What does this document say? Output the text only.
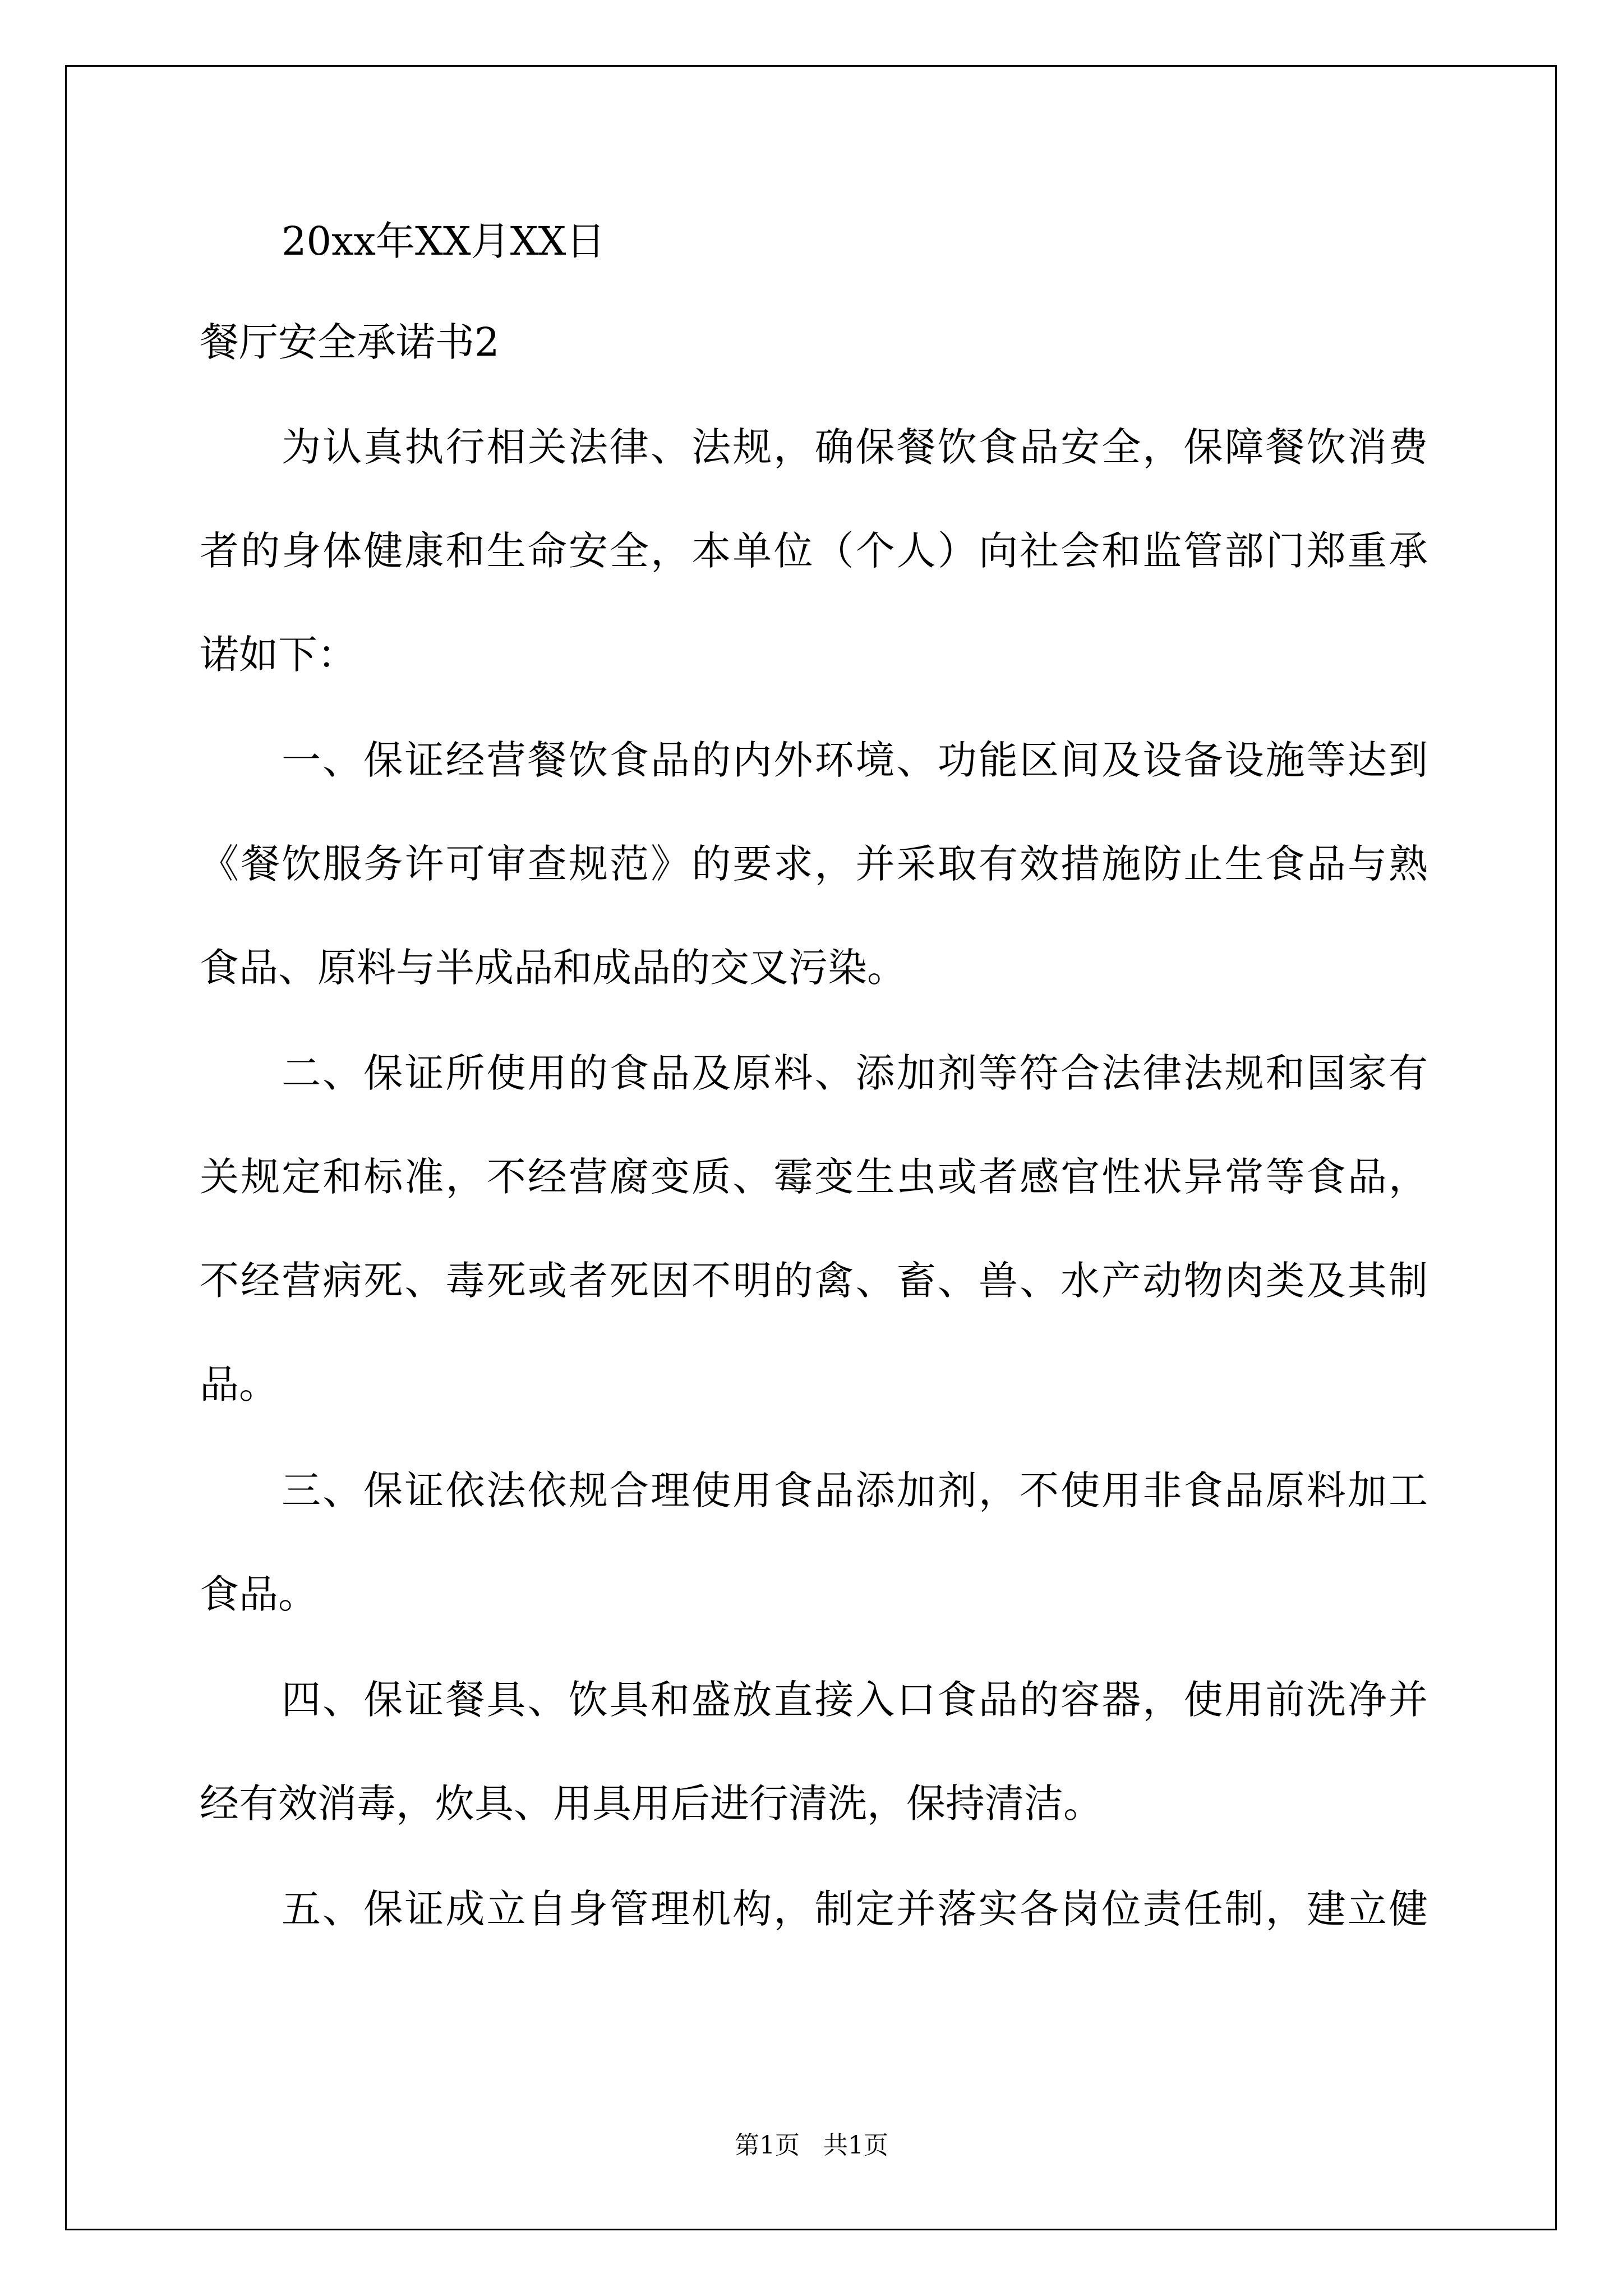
20xx年XX月XX日
餐厅安全承诺书2
为认真执行相关法律、法规，确保餐饮食品安全，保障餐饮消费
者的身体健康和生命安全，本单位（个人）向社会和监管部门郑重承
诺如下：
一、保证经营餐饮食品的内外环境、功能区间及设备设施等达到
《餐饮服务许可审查规范》的要求，并采取有效措施防止生食品与熟
食品、原料与半成品和成品的交叉污染。
二、保证所使用的食品及原料、添加剂等符合法律法规和国家有
关规定和标准，不经营腐变质、霉变生虫或者感官性状异常等食品，
不经营病死、毒死或者死因不明的禽、畜、兽、水产动物肉类及其制
品。
三、保证依法依规合理使用食品添加剂，不使用非食品原料加工
食品。
四、保证餐具、饮具和盛放直接入口食品的容器，使用前洗净并
经有效消毒，炊具、用具用后进行清洗，保持清洁。
五、保证成立自身管理机构，制定并落实各岗位责任制，建立健
第1页   共1页
